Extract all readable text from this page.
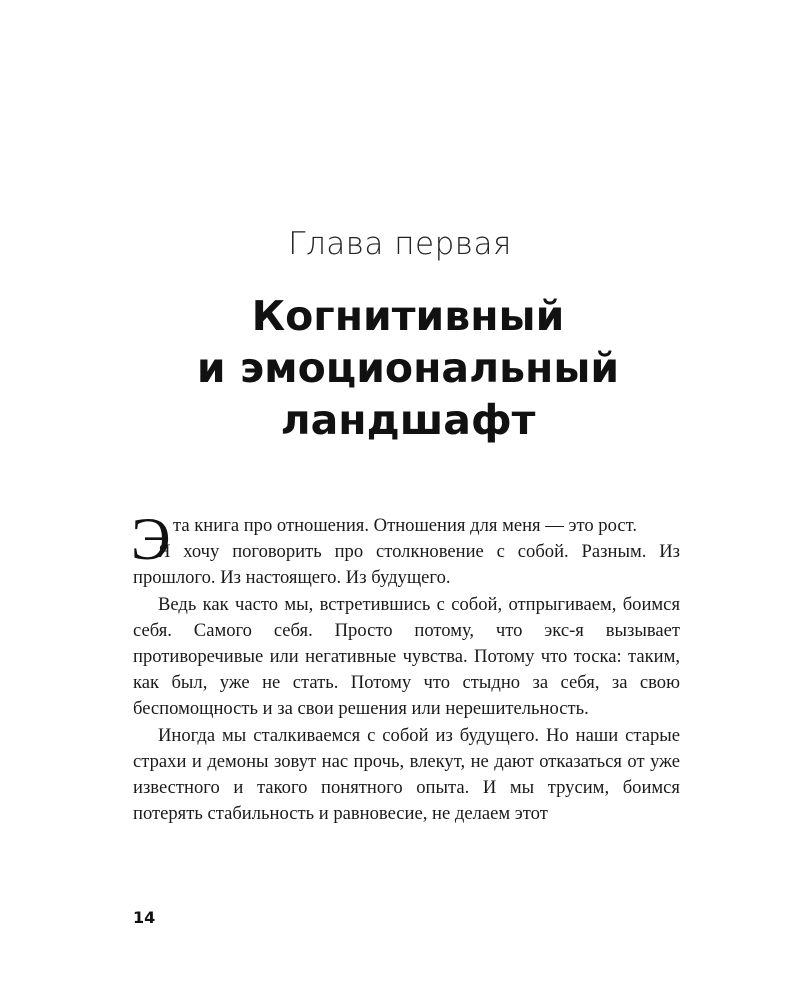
Глава первая
Когнитивный
и эмоциональный
ландшафт

Э та книга про отношения. Отношения для меня — это рост.

Я хочу поговорить про столкновение с собой. Разным. Из прошлого. Из настоящего. Из будущего.

Ведь как часто мы, встретившись с собой, отпрыгиваем, боимся себя. Самого себя. Просто потому, что экс-я вызывает противоречивые или негативные чувства. Потому что тоска: таким, как был, уже не стать. Потому что стыдно за себя, за свою беспомощность и за свои решения или нерешительность.

Иногда мы сталкиваемся с собой из будущего. Но наши старые страхи и демоны зовут нас прочь, влекут, не дают отказаться от уже известного и такого понятного опыта. И мы трусим, боимся потерять стабильность и равновесие, не делаем этот

14
